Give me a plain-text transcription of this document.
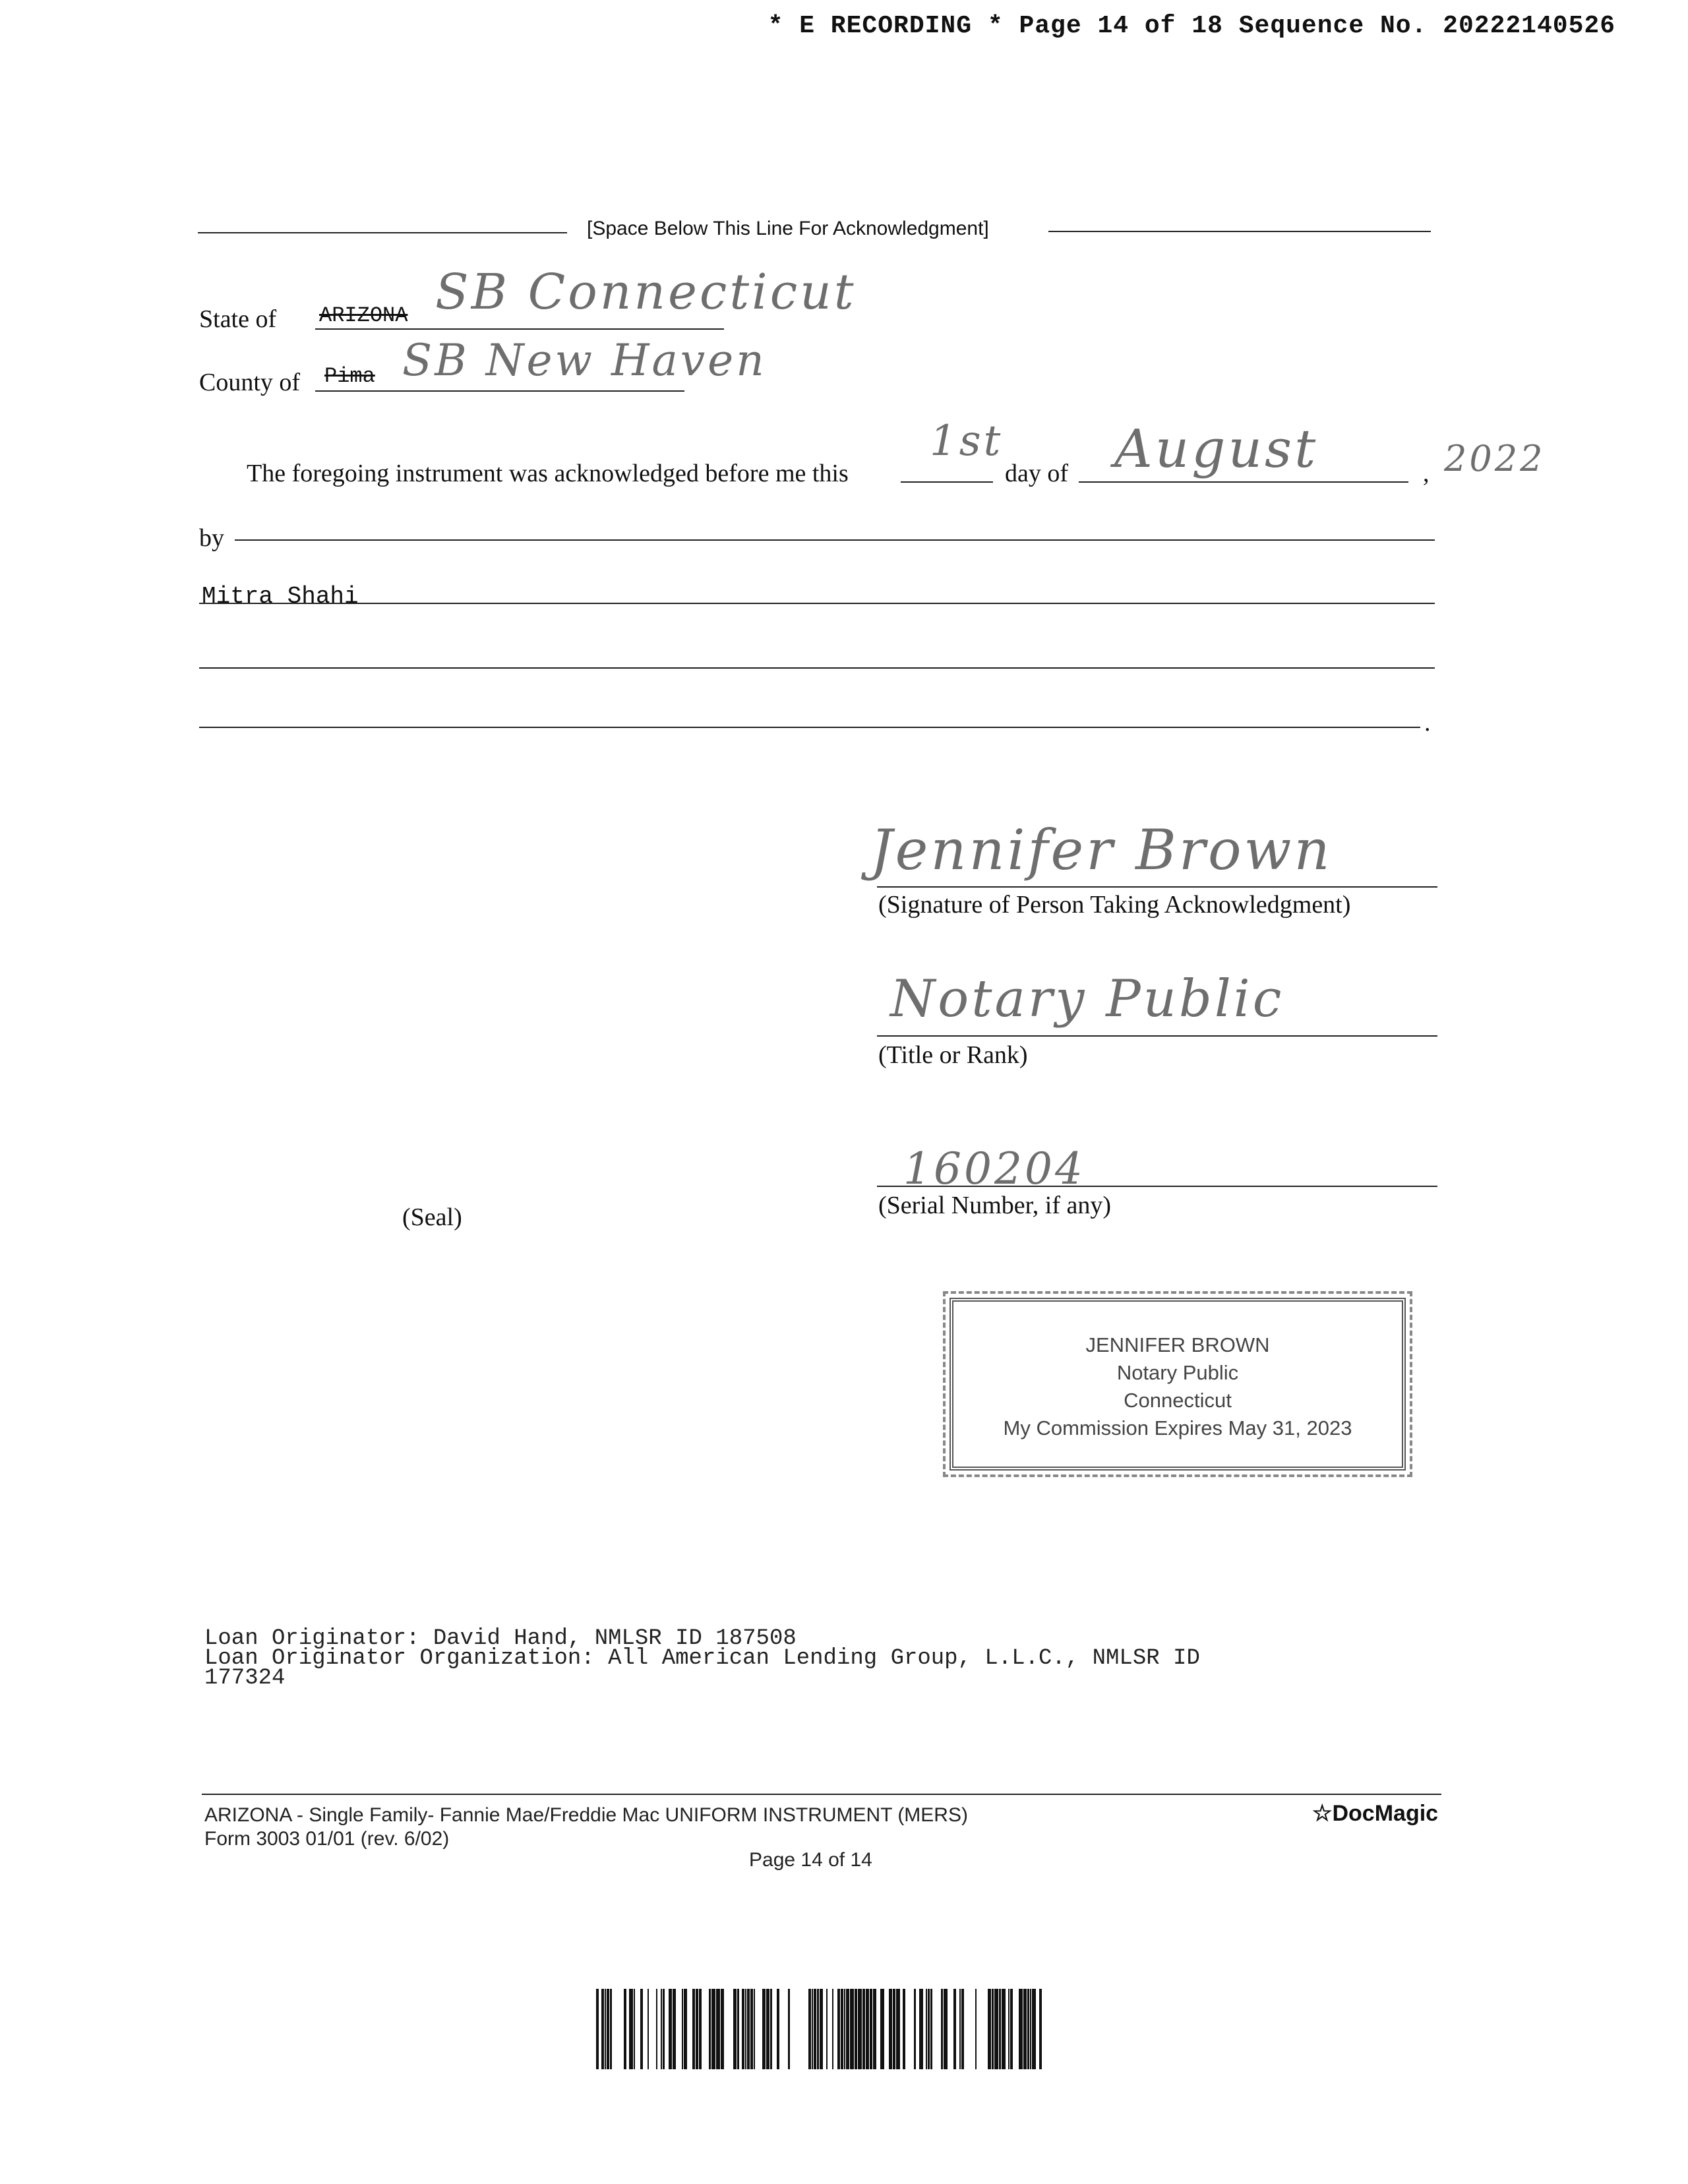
* E RECORDING * Page 14 of 18 Sequence No. 20222140526
[Space Below This Line For Acknowledgment]
State of ARIZONA SB Connecticut
County of Pima SB New Haven
The foregoing instrument was acknowledged before me this
1st
day of August	, 2022
by
Mitra Shahi
.
Jennifer Brown
(Signature of Person Taking Acknowledgment)
Notary Public
(Title or Rank)
160204
(Serial Number, if any)
(Seal)
JENNIFER BROWN
Notary Public
Connecticut
My Commission Expires May 31, 2023
Loan Originator: David Hand, NMLSR ID 187508
Loan Originator Organization: All American Lending Group, L.L.C., NMLSR ID
177324
ARIZONA - Single Family- Fannie Mae/Freddie Mac UNIFORM INSTRUMENT (MERS)
Form 3003 01/01 (rev. 6/02)
☆DocMagic
Page 14 of 14
